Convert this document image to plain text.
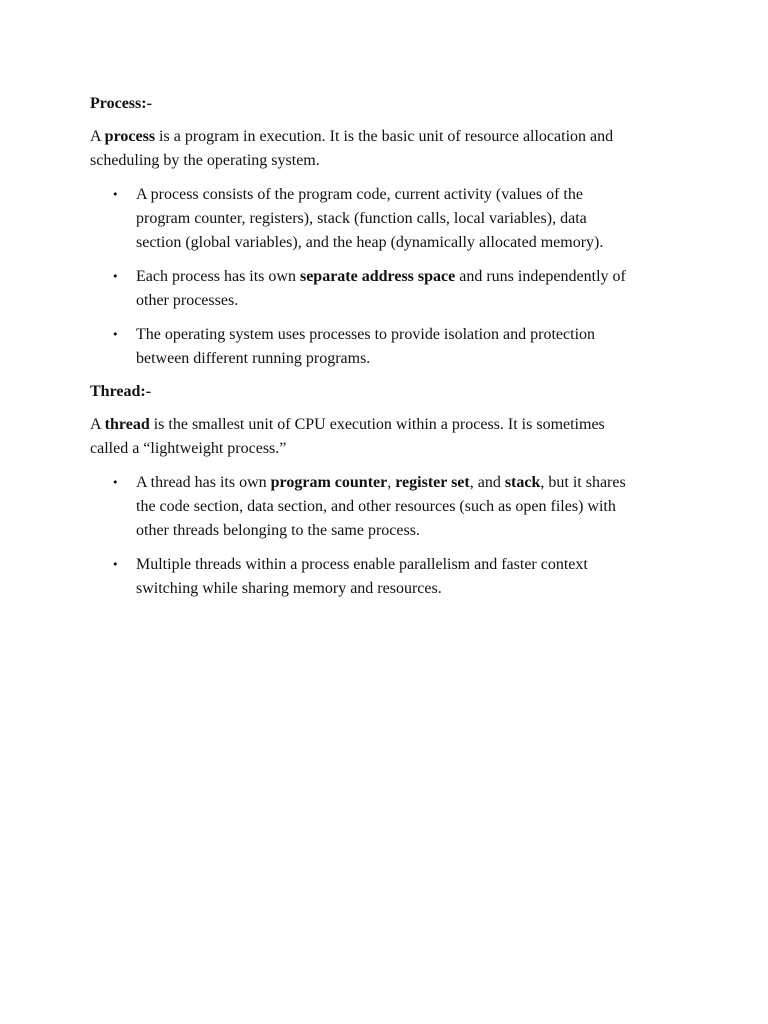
Process:-
A process is a program in execution. It is the basic unit of resource allocation and
scheduling by the operating system.
• A process consists of the program code, current activity (values of the
program counter, registers), stack (function calls, local variables), data
section (global variables), and the heap (dynamically allocated memory).
• Each process has its own separate address space and runs independently of
other processes.
• The operating system uses processes to provide isolation and protection
between different running programs.
Thread:-
A thread is the smallest unit of CPU execution within a process. It is sometimes
called a “lightweight process.”
• A thread has its own program counter, register set, and stack, but it shares
the code section, data section, and other resources (such as open files) with
other threads belonging to the same process.
• Multiple threads within a process enable parallelism and faster context
switching while sharing memory and resources.
